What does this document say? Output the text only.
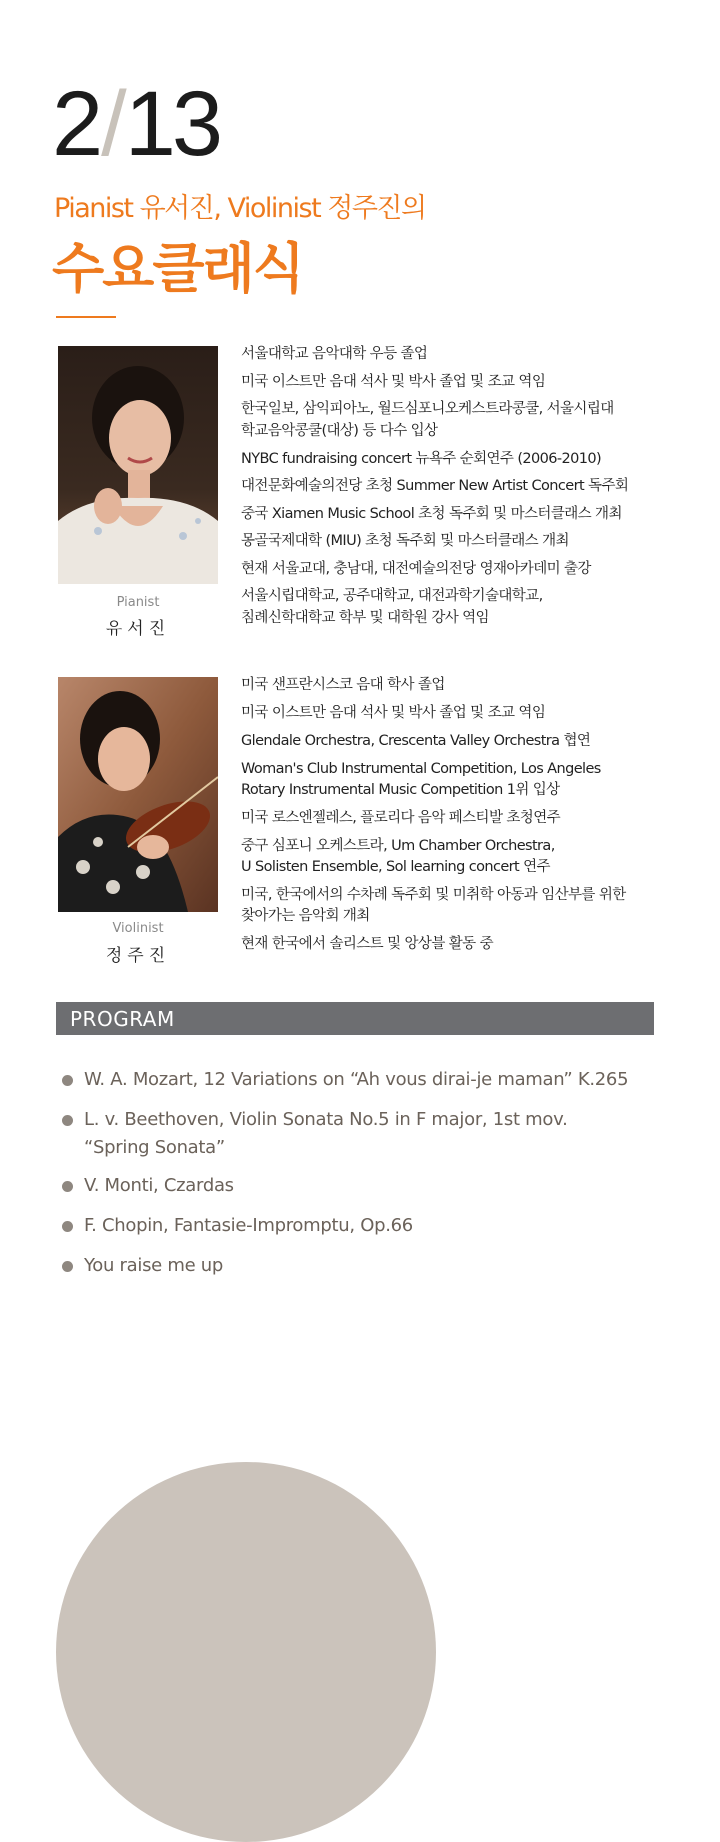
2/13
Pianist 유서진, Violinist 정주진의
수요클래식
Pianist
유서진
서울대학교 음악대학 우등 졸업
미국 이스트만 음대 석사 및 박사 졸업 및 조교 역임
한국일보, 삼익피아노, 월드심포니오케스트라콩쿨, 서울시립대
학교음악콩쿨(대상) 등 다수 입상
NYBC fundraising concert 뉴욕주 순회연주 (2006-2010)
대전문화예술의전당 초청 Summer New Artist Concert 독주회
중국 Xiamen Music School 초청 독주회 및 마스터클래스 개최
몽골국제대학 (MIU) 초청 독주회 및 마스터클래스 개최
현재 서울교대, 충남대, 대전예술의전당 영재아카데미 출강
서울시립대학교, 공주대학교, 대전과학기술대학교,
침례신학대학교 학부 및 대학원 강사 역임
Violinist
정주진
미국 샌프란시스코 음대 학사 졸업
미국 이스트만 음대 석사 및 박사 졸업 및 조교 역임
Glendale Orchestra, Crescenta Valley Orchestra 협연
Woman's Club Instrumental Competition, Los Angeles
Rotary Instrumental Music Competition 1위 입상
미국 로스엔젤레스, 플로리다 음악 페스티발 초청연주
중구 심포니 오케스트라, Um Chamber Orchestra,
U Solisten Ensemble, Sol learning concert 연주
미국, 한국에서의 수차례 독주회 및 미취학 아동과 임산부를 위한
찾아가는 음악회 개최
현재 한국에서 솔리스트 및 앙상블 활동 중
PROGRAM
W. A. Mozart, 12 Variations on “Ah vous dirai-je maman” K.265
L. v. Beethoven, Violin Sonata No.5 in F major, 1st mov.
“Spring Sonata”
V. Monti, Czardas
F. Chopin, Fantasie-Impromptu, Op.66
You raise me up
